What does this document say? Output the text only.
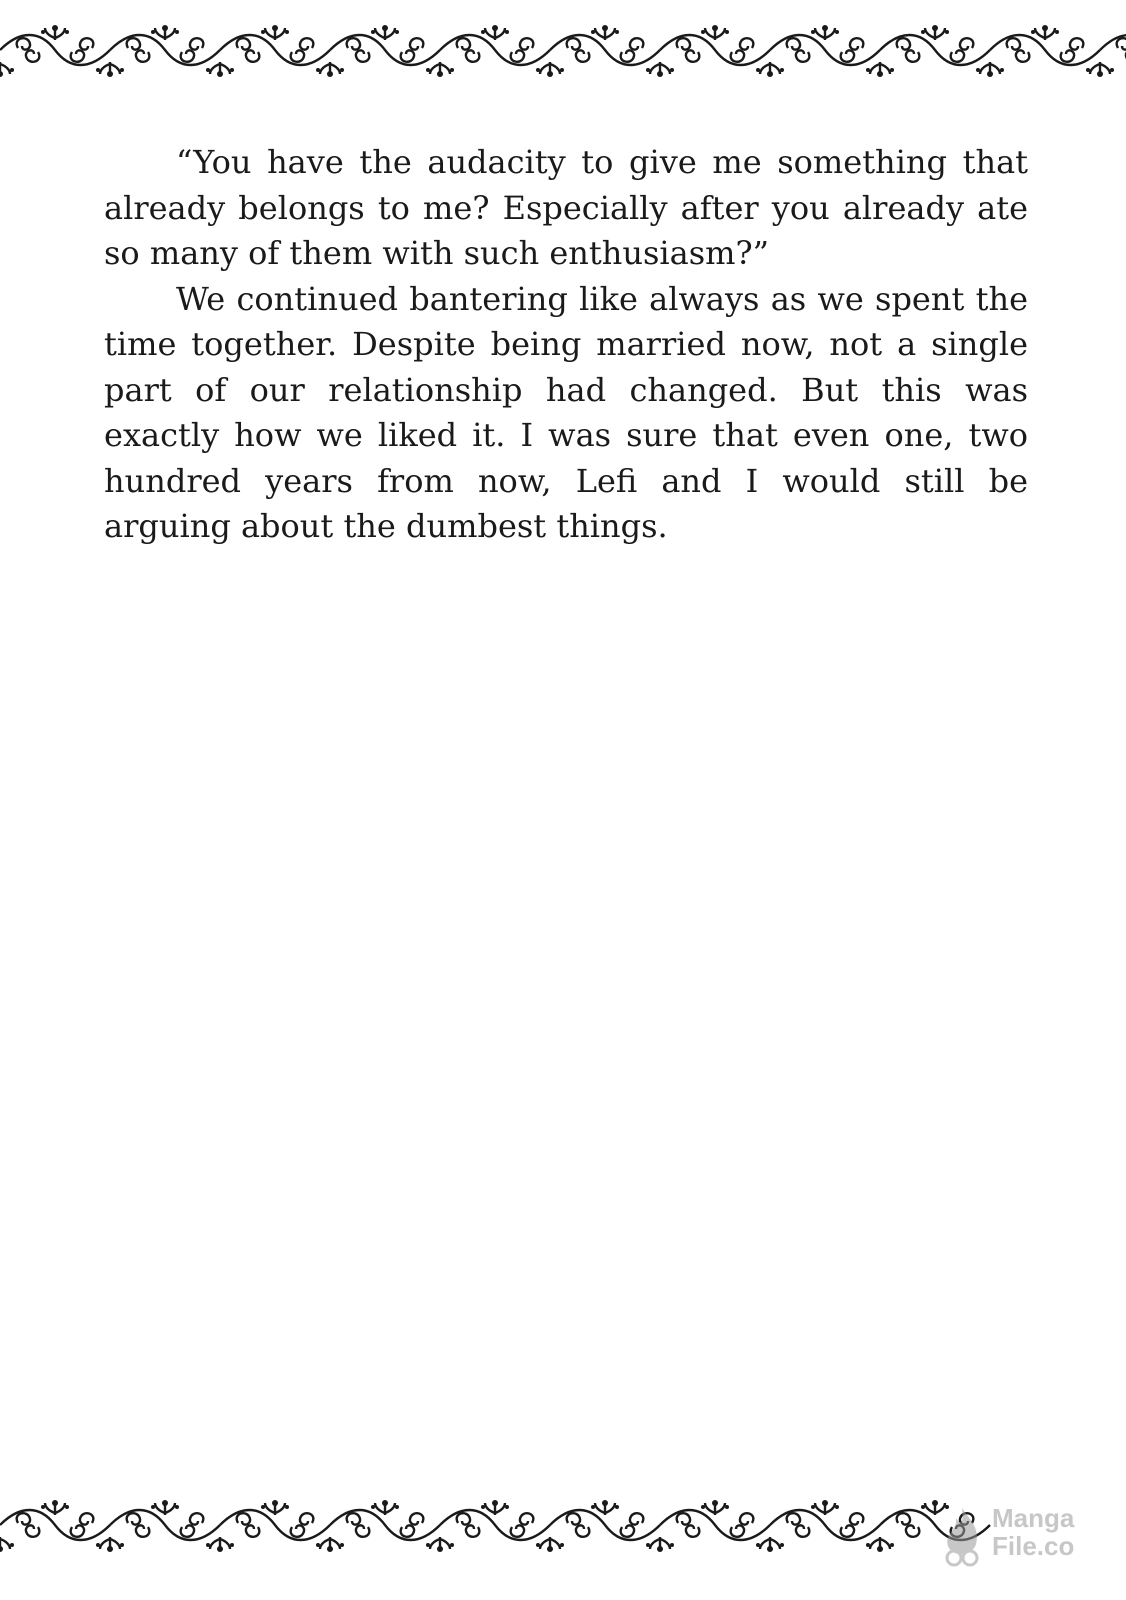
“You have the audacity to give me something that already belongs to me? Especially after you already ate so many of them with such enthusiasm?”

We continued bantering like always as we spent the time together. Despite being married now, not a single part of our relationship had changed. But this was exactly how we liked it. I was sure that even one, two hundred years from now, Lefi and I would still be arguing about the dumbest things.

Manga
File.co
